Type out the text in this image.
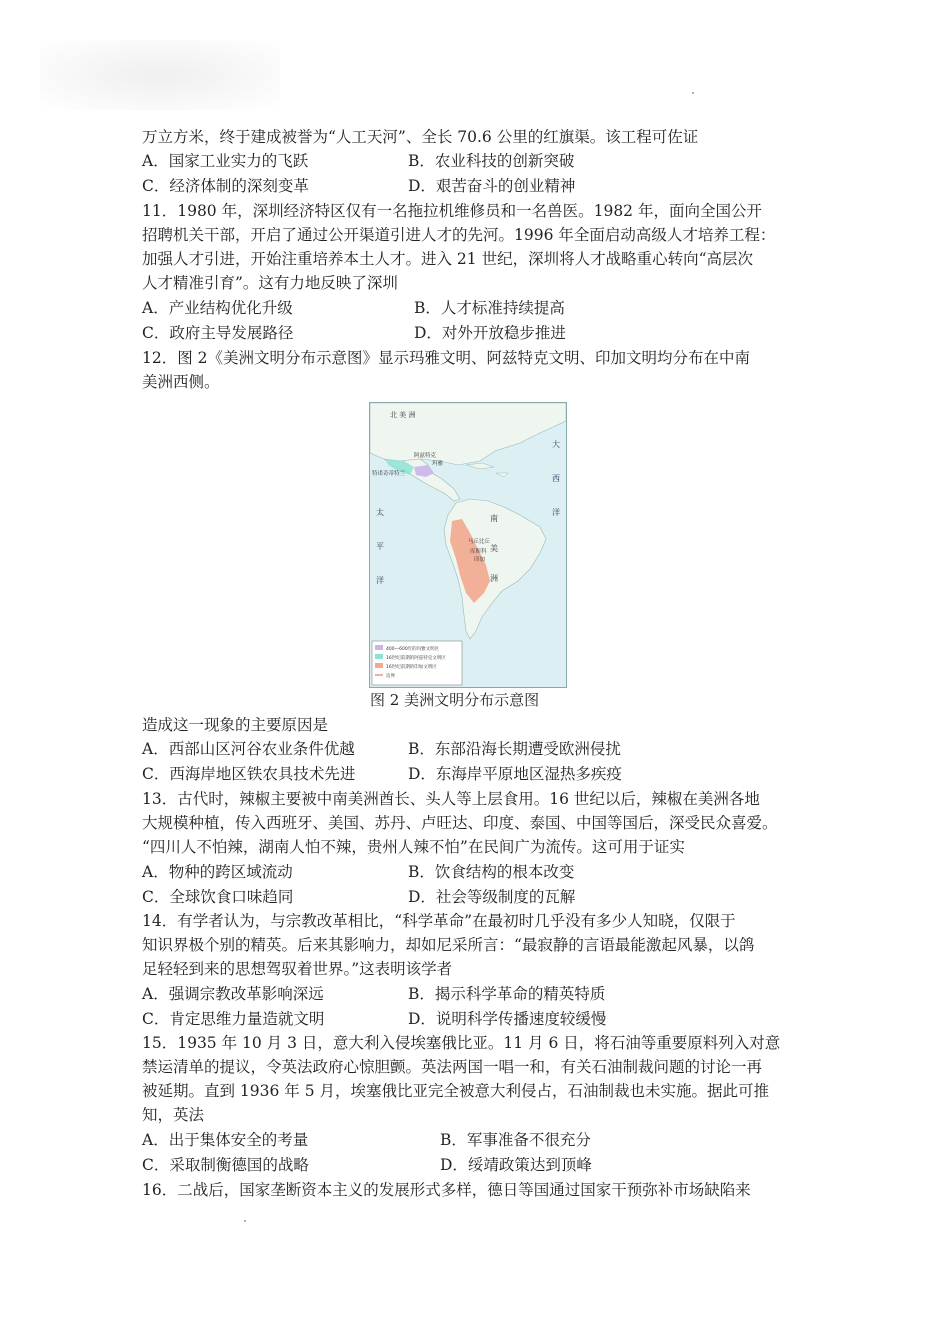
万立方米，终于建成被誉为“人工天河”、全长 70.6 公里的红旗渠。该工程可佐证
A．国家工业实力的飞跃	B．农业科技的创新突破
C．经济体制的深刻变革	D．艰苦奋斗的创业精神
11．1980 年，深圳经济特区仅有一名拖拉机维修员和一名兽医。1982 年，面向全国公开
招聘机关干部，开启了通过公开渠道引进人才的先河。1996 年全面启动高级人才培养工程：
加强人才引进，开始注重培养本土人才。进入 21 世纪，深圳将人才战略重心转向“高层次
人才精准引育”。这有力地反映了深圳
A．产业结构优化升级	B．人才标准持续提高
C．政府主导发展路径	D．对外开放稳步推进
12．图 2《美洲文明分布示意图》显示玛雅文明、阿兹特克文明、印加文明均分布在中南
美洲西侧。
北 美 洲
阿兹特克
特诺奇蒂特兰
玛雅
马丘比丘
库斯科
印加
太
平
洋
大
西
洋
南
美
洲
400—600年的玛雅文明区
16世纪前期的阿兹特克文明区
16世纪前期的印加文明区
边界
图 2 美洲文明分布示意图
造成这一现象的主要原因是
A．西部山区河谷农业条件优越	B．东部沿海长期遭受欧洲侵扰
C．西海岸地区铁农具技术先进	D．东海岸平原地区湿热多疾疫
13．古代时，辣椒主要被中南美洲酋长、头人等上层食用。16 世纪以后，辣椒在美洲各地
大规模种植，传入西班牙、美国、苏丹、卢旺达、印度、泰国、中国等国后，深受民众喜爱。
“四川人不怕辣，湖南人怕不辣，贵州人辣不怕”在民间广为流传。这可用于证实
A．物种的跨区域流动	B．饮食结构的根本改变
C．全球饮食口味趋同	D．社会等级制度的瓦解
14．有学者认为，与宗教改革相比，“科学革命”在最初时几乎没有多少人知晓，仅限于
知识界极个别的精英。后来其影响力，却如尼采所言：“最寂静的言语最能激起风暴，以鸽
足轻轻到来的思想驾驭着世界。”这表明该学者
A．强调宗教改革影响深远	B．揭示科学革命的精英特质
C．肯定思维力量造就文明	D．说明科学传播速度较缓慢
15．1935 年 10 月 3 日，意大利入侵埃塞俄比亚。11 月 6 日，将石油等重要原料列入对意
禁运清单的提议，令英法政府心惊胆颤。英法两国一唱一和，有关石油制裁问题的讨论一再
被延期。直到 1936 年 5 月，埃塞俄比亚完全被意大利侵占，石油制裁也未实施。据此可推
知，英法
A．出于集体安全的考量	B．军事准备不很充分
C．采取制衡德国的战略	D．绥靖政策达到顶峰
16．二战后，国家垄断资本主义的发展形式多样，德日等国通过国家干预弥补市场缺陷来
